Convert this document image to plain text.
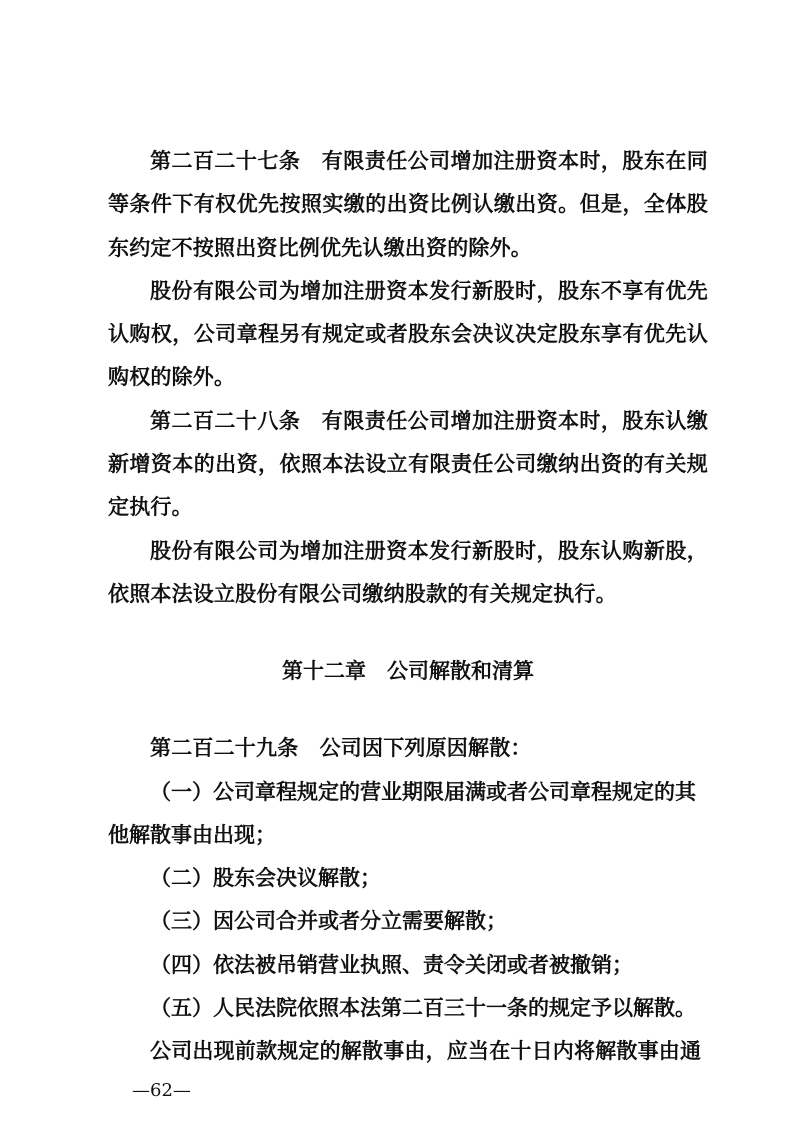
第二百二十七条　有限责任公司增加注册资本时，股东在同等条件下有权优先按照实缴的出资比例认缴出资。但是，全体股东约定不按照出资比例优先认缴出资的除外。

股份有限公司为增加注册资本发行新股时，股东不享有优先认购权，公司章程另有规定或者股东会决议决定股东享有优先认购权的除外。

第二百二十八条　有限责任公司增加注册资本时，股东认缴新增资本的出资，依照本法设立有限责任公司缴纳出资的有关规定执行。

股份有限公司为增加注册资本发行新股时，股东认购新股，依照本法设立股份有限公司缴纳股款的有关规定执行。

第十二章　公司解散和清算

第二百二十九条　公司因下列原因解散：

（一）公司章程规定的营业期限届满或者公司章程规定的其他解散事由出现；

（二）股东会决议解散；

（三）因公司合并或者分立需要解散；

（四）依法被吊销营业执照、责令关闭或者被撤销；

（五）人民法院依照本法第二百三十一条的规定予以解散。

公司出现前款规定的解散事由，应当在十日内将解散事由通

—62—
